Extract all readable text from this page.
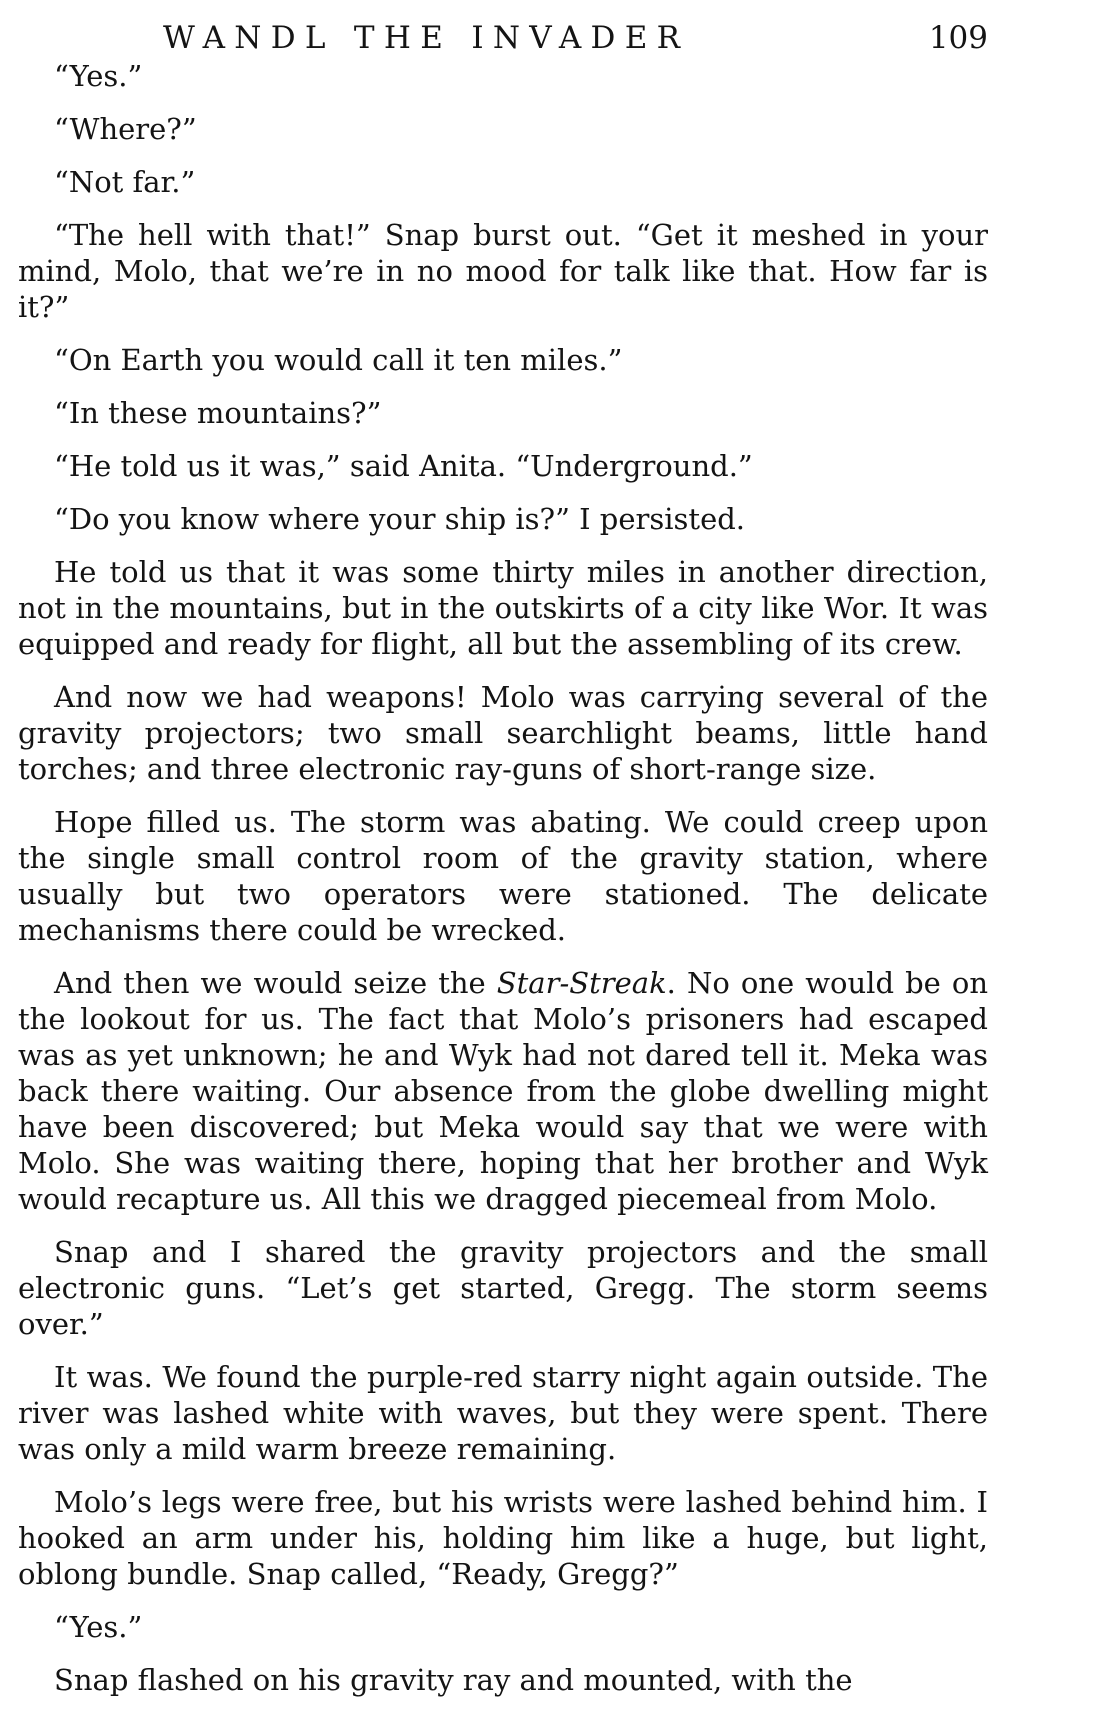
WANDL THE INVADER	109

“Yes.”

“Where?”

“Not far.”

“The hell with that!” Snap burst out. “Get it meshed in your mind, Molo, that we’re in no mood for talk like that. How far is it?”

“On Earth you would call it ten miles.”

“In these mountains?”

“He told us it was,” said Anita. “Underground.”

“Do you know where your ship is?” I persisted.

He told us that it was some thirty miles in another direction, not in the mountains, but in the outskirts of a city like Wor. It was equipped and ready for flight, all but the assembling of its crew.

And now we had weapons! Molo was carrying several of the gravity projectors; two small searchlight beams, little hand torches; and three electronic ray-guns of short-range size.

Hope filled us. The storm was abating. We could creep upon the single small control room of the gravity station, where usually but two operators were stationed. The delicate mechanisms there could be wrecked.

And then we would seize the Star-Streak. No one would be on the lookout for us. The fact that Molo’s prisoners had escaped was as yet unknown; he and Wyk had not dared tell it. Meka was back there waiting. Our absence from the globe dwelling might have been discovered; but Meka would say that we were with Molo. She was waiting there, hoping that her brother and Wyk would recapture us. All this we dragged piecemeal from Molo.

Snap and I shared the gravity projectors and the small electronic guns. “Let’s get started, Gregg. The storm seems over.”

It was. We found the purple-red starry night again outside. The river was lashed white with waves, but they were spent. There was only a mild warm breeze remaining.

Molo’s legs were free, but his wrists were lashed behind him. I hooked an arm under his, holding him like a huge, but light, oblong bundle. Snap called, “Ready, Gregg?”

“Yes.”

Snap flashed on his gravity ray and mounted, with the
